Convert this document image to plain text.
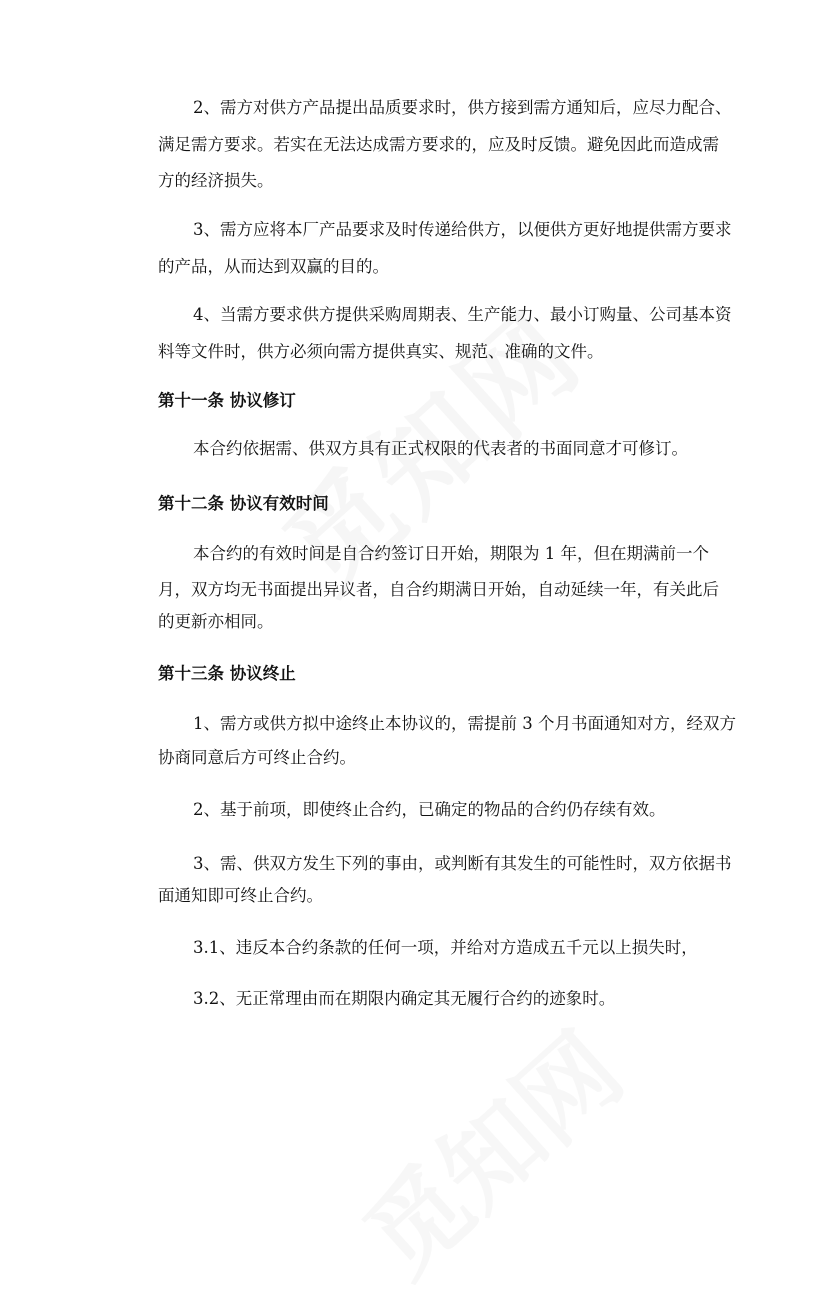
2、需方对供方产品提出品质要求时，供方接到需方通知后，应尽力配合、
满足需方要求。若实在无法达成需方要求的，应及时反馈。避免因此而造成需
方的经济损失。
3、需方应将本厂产品要求及时传递给供方，以便供方更好地提供需方要求
的产品，从而达到双赢的目的。
4、当需方要求供方提供采购周期表、生产能力、最小订购量、公司基本资
料等文件时，供方必须向需方提供真实、规范、准确的文件。
第十一条 协议修订
本合约依据需、供双方具有正式权限的代表者的书面同意才可修订。
第十二条 协议有效时间
本合约的有效时间是自合约签订日开始，期限为 1 年，但在期满前一个
月，双方均无书面提出异议者，自合约期满日开始，自动延续一年，有关此后
的更新亦相同。
第十三条 协议终止
1、需方或供方拟中途终止本协议的，需提前 3 个月书面通知对方，经双方
协商同意后方可终止合约。
2、基于前项，即使终止合约，已确定的物品的合约仍存续有效。
3、需、供双方发生下列的事由，或判断有其发生的可能性时，双方依据书
面通知即可终止合约。
3.1、违反本合约条款的任何一项，并给对方造成五千元以上损失时，
3.2、无正常理由而在期限内确定其无履行合约的迹象时。
